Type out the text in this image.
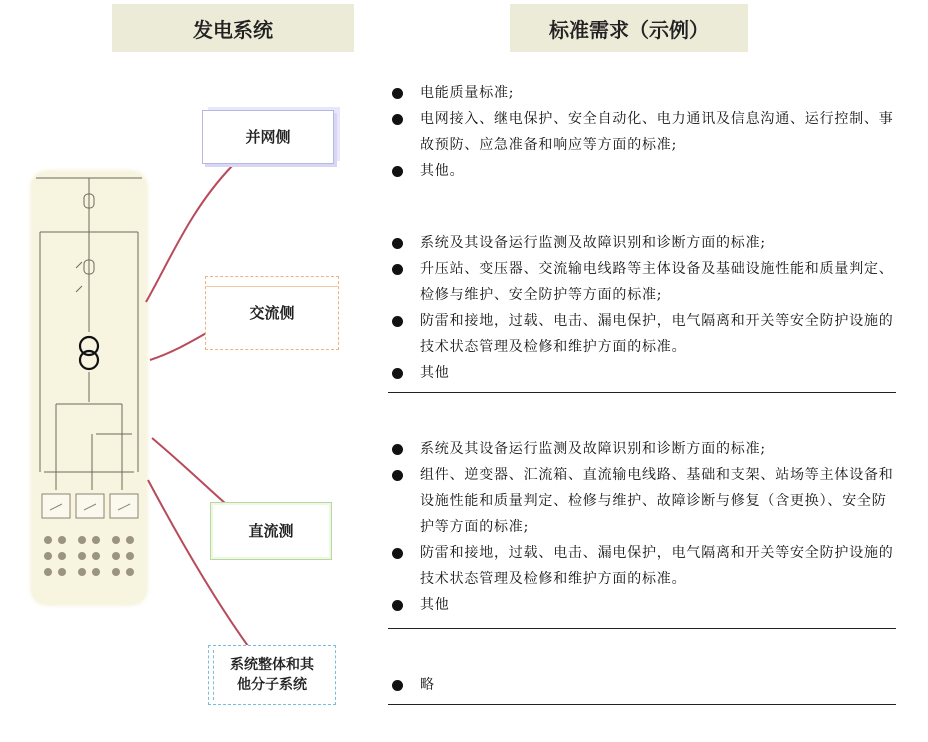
发电系统	标准需求（示例）
并网侧
交流侧
直流测
系统整体和其
他分子系统
电能质量标准;
电网接入、继电保护、安全自动化、电力通讯及信息沟通、运行控制、事故预防、应急准备和响应等方面的标准;
其他。
系统及其设备运行监测及故障识别和诊断方面的标准;
升压站、变压器、交流输电线路等主体设备及基础设施性能和质量判定、检修与维护、安全防护等方面的标准;
防雷和接地，过载、电击、漏电保护，电气隔离和开关等安全防护设施的技术状态管理及检修和维护方面的标准。
其他
系统及其设备运行监测及故障识别和诊断方面的标准;
组件、逆变器、汇流箱、直流输电线路、基础和支架、站场等主体设备和设施性能和质量判定、检修与维护、故障诊断与修复（含更换）、安全防护等方面的标准;
防雷和接地，过载、电击、漏电保护，电气隔离和开关等安全防护设施的技术状态管理及检修和维护方面的标准。
其他
略
